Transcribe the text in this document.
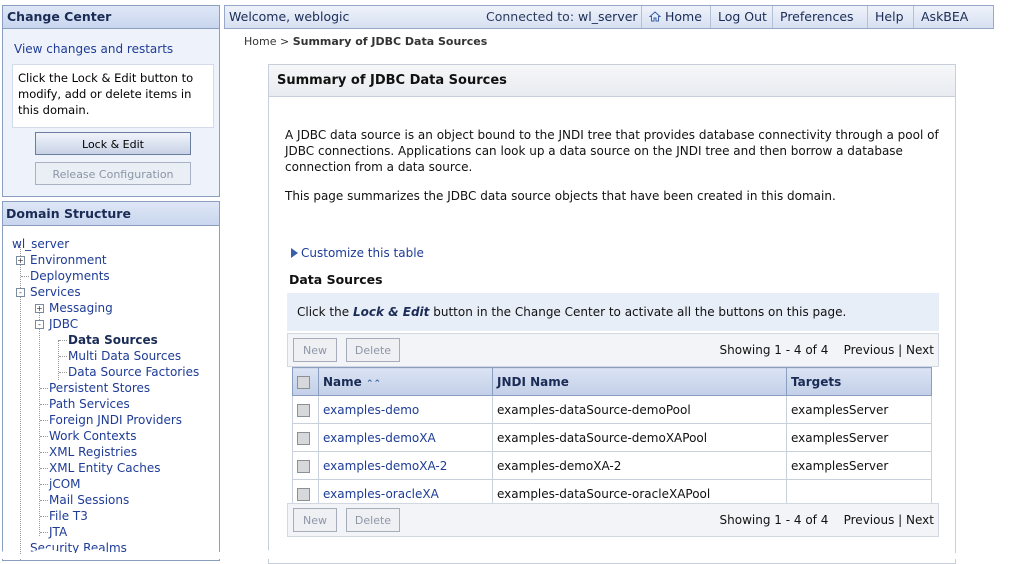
Change Center
View changes and restarts
Click the Lock & Edit button to modify, add or delete items in this domain.
Lock & Edit
Release Configuration
Domain Structure
wl_server
+ Environment
Deployments
- Services
+ Messaging
- JDBC
Data Sources
Multi Data Sources
Data Source Factories
Persistent Stores
Path Services
Foreign JNDI Providers
Work Contexts
XML Registries
XML Entity Caches
jCOM
Mail Sessions
File T3
JTA
Security Realms
Welcome, weblogic	Connected to: wl_server	Home	Log Out	Preferences	Help	AskBEA
Home > Summary of JDBC Data Sources
Summary of JDBC Data Sources
A JDBC data source is an object bound to the JNDI tree that provides database connectivity through a pool of JDBC connections. Applications can look up a data source on the JNDI tree and then borrow a database connection from a data source.
This page summarizes the JDBC data source objects that have been created in this domain.
Customize this table
Data Sources
Click the Lock & Edit button in the Change Center to activate all the buttons on this page.
New	Delete	Showing 1 - 4 of 4 Previous | Next
	Name ⌃⌃	JNDI Name	Targets
	examples-demo	examples-dataSource-demoPool	examplesServer
	examples-demoXA	examples-dataSource-demoXAPool	examplesServer
	examples-demoXA-2	examples-demoXA-2	examplesServer
	examples-oracleXA	examples-dataSource-oracleXAPool	
New	Delete	Showing 1 - 4 of 4 Previous | Next
